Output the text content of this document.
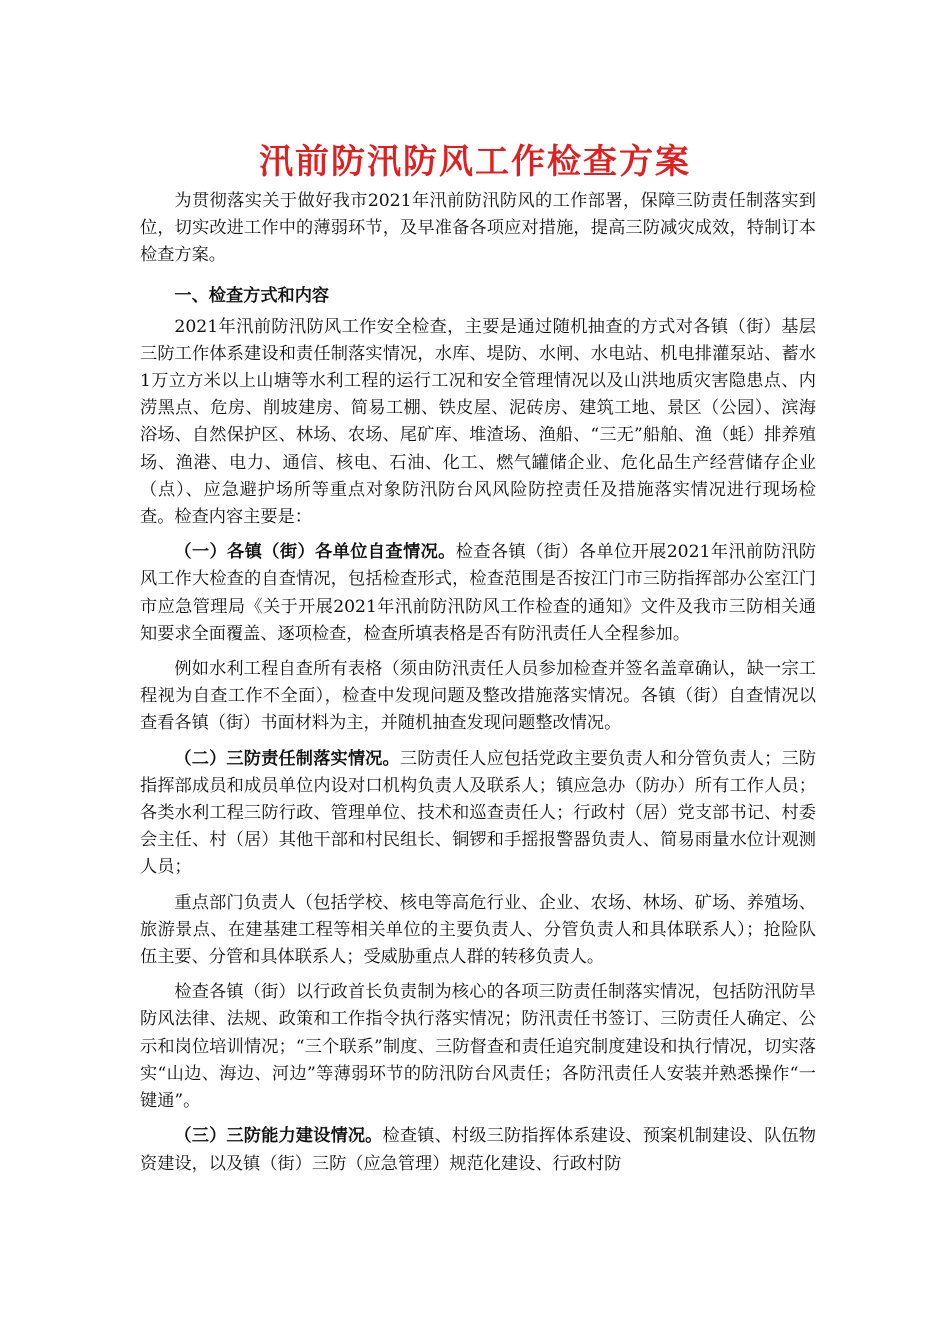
汛前防汛防风工作检查方案

为贯彻落实关于做好我市2021年汛前防汛防风的工作部署，保障三防责任制落实到位，切实改进工作中的薄弱环节，及早准备各项应对措施，提高三防减灾成效，特制订本检查方案。

一、检查方式和内容

2021年汛前防汛防风工作安全检查，主要是通过随机抽查的方式对各镇（街）基层三防工作体系建设和责任制落实情况，水库、堤防、水闸、水电站、机电排灌泵站、蓄水1万立方米以上山塘等水利工程的运行工况和安全管理情况以及山洪地质灾害隐患点、内涝黑点、危房、削坡建房、简易工棚、铁皮屋、泥砖房、建筑工地、景区（公园）、滨海浴场、自然保护区、林场、农场、尾矿库、堆渣场、渔船、“三无”船舶、渔（蚝）排养殖场、渔港、电力、通信、核电、石油、化工、燃气罐储企业、危化品生产经营储存企业（点）、应急避护场所等重点对象防汛防台风风险防控责任及措施落实情况进行现场检查。检查内容主要是：

（一）各镇（街）各单位自查情况。检查各镇（街）各单位开展2021年汛前防汛防风工作大检查的自查情况，包括检查形式，检查范围是否按江门市三防指挥部办公室江门市应急管理局《关于开展2021年汛前防汛防风工作检查的通知》文件及我市三防相关通知要求全面覆盖、逐项检查，检查所填表格是否有防汛责任人全程参加。

例如水利工程自查所有表格（须由防汛责任人员参加检查并签名盖章确认，缺一宗工程视为自查工作不全面），检查中发现问题及整改措施落实情况。各镇（街）自查情况以查看各镇（街）书面材料为主，并随机抽查发现问题整改情况。

（二）三防责任制落实情况。三防责任人应包括党政主要负责人和分管负责人；三防指挥部成员和成员单位内设对口机构负责人及联系人；镇应急办（防办）所有工作人员；各类水利工程三防行政、管理单位、技术和巡查责任人；行政村（居）党支部书记、村委会主任、村（居）其他干部和村民组长、铜锣和手摇报警器负责人、简易雨量水位计观测人员；

重点部门负责人（包括学校、核电等高危行业、企业、农场、林场、矿场、养殖场、旅游景点、在建基建工程等相关单位的主要负责人、分管负责人和具体联系人）；抢险队伍主要、分管和具体联系人；受威胁重点人群的转移负责人。

检查各镇（街）以行政首长负责制为核心的各项三防责任制落实情况，包括防汛防旱防风法律、法规、政策和工作指令执行落实情况；防汛责任书签订、三防责任人确定、公示和岗位培训情况；“三个联系”制度、三防督查和责任追究制度建设和执行情况，切实落实“山边、海边、河边”等薄弱环节的防汛防台风责任；各防汛责任人安装并熟悉操作“一键通”。

（三）三防能力建设情况。检查镇、村级三防指挥体系建设、预案机制建设、队伍物资建设，以及镇（街）三防（应急管理）规范化建设、行政村防
